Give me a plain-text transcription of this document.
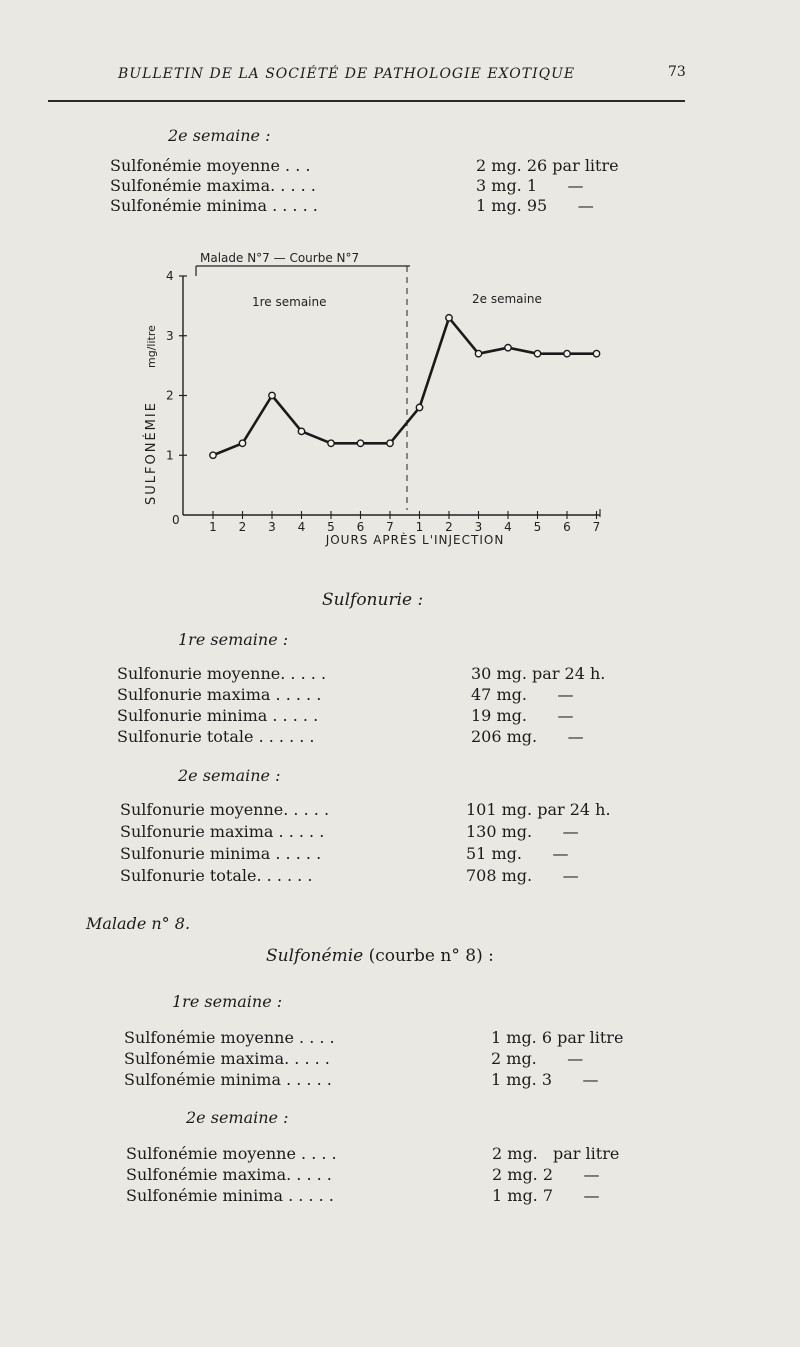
BULLETIN DE LA SOCIÉTÉ DE PATHOLOGIE EXOTIQUE	73
2e semaine :
Sulfonémie moyenne . . .	2 mg. 26 par litre
Sulfonémie maxima. . . . .	3 mg. 1      —
Sulfonémie minima . . . . .	1 mg. 95      —
Malade N°7 — Courbe N°7
0
1
2
3
4
SULFONÉMIE
mg/litre
1 2 3 4 5 6 7 1 2 3 4 5 6 7
JOURS APRÈS L'INJECTION
1re semaine	2e semaine
Sulfonurie :
1re semaine :
Sulfonurie moyenne. . . . .	30 mg. par 24 h.
Sulfonurie maxima . . . . .	47 mg.      —
Sulfonurie minima . . . . .	19 mg.      —
Sulfonurie totale . . . . . .	206 mg.      —
2e semaine :
Sulfonurie moyenne. . . . .	101 mg. par 24 h.
Sulfonurie maxima . . . . .	130 mg.      —
Sulfonurie minima . . . . .	51 mg.      —
Sulfonurie totale. . . . . .	708 mg.      —
Malade n° 8.
Sulfonémie (courbe n° 8) :
1re semaine :
Sulfonémie moyenne . . . .	1 mg. 6 par litre
Sulfonémie maxima. . . . .	2 mg.      —
Sulfonémie minima . . . . .	1 mg. 3      —
2e semaine :
Sulfonémie moyenne . . . .	2 mg.   par litre
Sulfonémie maxima. . . . .	2 mg. 2      —
Sulfonémie minima . . . . .	1 mg. 7      —
